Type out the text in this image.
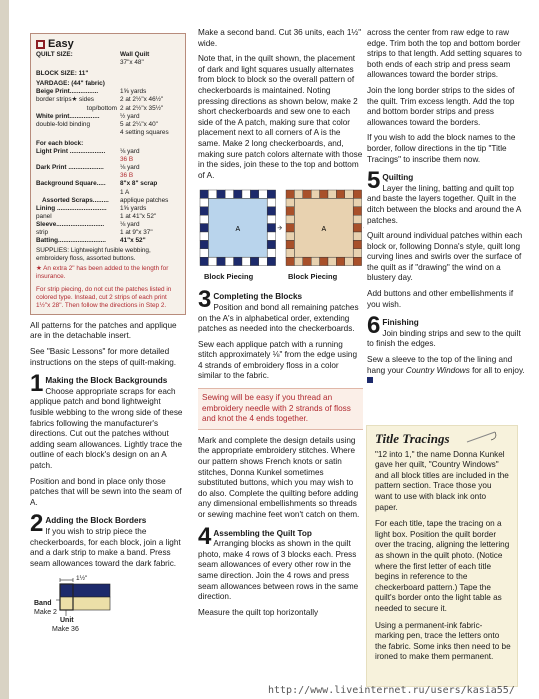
Easy
QUILT SIZE:	Wall Quilt
37"x 48"
BLOCK SIZE: 11"
YARDAGE: (44" fabric)
Beige Print................	1⅝ yards
border strips★ sides	2 at 2½"x 46½"
top/bottom 2 at 2½"x 35½"
White print.................	½ yard
double-fold binding	5 at 2¼"x 40"
4 setting squares
For each block:
Light Print ....................	⅛ yard
36 B
Dark Print ....................	⅛ yard
36 B
Background Square.....	8"x 8" scrap
1 A
Assorted Scraps.........	applique patches
Lining ............................	1⅝ yards
panel	1 at 41"x 52"
Sleeve...........................	⅛ yard
strip	1 at 9"x 37"
Batting...........................	41"x 52"
SUPPLIES: Lightweight fusible webbing, embroidery floss, assorted buttons.
★ An extra 2" has been added to the length for insurance.
For strip piecing, do not cut the patches listed in colored type. Instead, cut 2 strips of each print 1½"x 28". Then follow the directions in Step 2.

All patterns for the patches and applique are in the detachable insert.

See "Basic Lessons" for more detailed instructions on the steps of quilt-making.

1 Making the Block Backgrounds

Choose appropriate scraps for each applique patch and bond lightweight fusible webbing to the wrong side of these fabrics following the manufacturer's directions. Cut out the patches without adding seam allowances. Lightly trace the outline of each block's design on an A patch.

Position and bond in place only those patches that will be sewn into the seam of A.

2 Adding the Block Borders

If you wish to strip piece the checkerboards, for each block, join a light and a dark strip to make a band. Press seam allowances toward the dark fabric.

1½"
Band
Make 2
Unit
Make 36

Make a second band. Cut 36 units, each 1½" wide.

Note that, in the quilt shown, the placement of dark and light squares usually alternates from block to block so the overall pattern of checkerboards is maintained. Noting pressing directions as shown below, make 2 short checkerboards and sew one to each side of the A patch, making sure that color placement next to all corners of A is the same. Make 2 long checkerboards, and, making sure patch colors alternate with those in the sides, join these to the top and bottom of A.

A	A
Block Piecing	Block Piecing
3 Completing the Blocks

Position and bond all remaining patches on the A's in alphabetical order, extending patches as needed into the checkerboards.

Sew each applique patch with a running stitch approximately ⅛" from the edge using 4 strands of embroidery floss in a color similar to the fabric.

Sewing will be easy if you thread an embroidery needle with 2 strands of floss and knot the 4 ends together.

Mark and complete the design details using the appropriate embroidery stitches. Where our pattern shows French knots or satin stitches, Donna Kunkel sometimes substituted buttons, which you may wish to do also. Complete the quilting before adding any dimensional embellishments so threads or sewing machine feet won't catch on them.

4 Assembling the Quilt Top

Arranging blocks as shown in the quilt photo, make 4 rows of 3 blocks each. Press seam allowances of every other row in the same direction. Join the 4 rows and press seam allowances between rows in the same direction.

Measure the quilt top horizontally

across the center from raw edge to raw edge. Trim both the top and bottom border strips to that length. Add setting squares to both ends of each strip and press seam allowances toward the border strips.

Join the long border strips to the sides of the quilt. Trim excess length. Add the top and bottom border strips and press allowances toward the borders.

If you wish to add the block names to the border, follow directions in the tip "Title Tracings" to inscribe them now.

5 Quilting

Layer the lining, batting and quilt top and baste the layers together. Quilt in the ditch between the blocks and around the A patches.

Quilt around individual patches within each block or, following Donna's style, quilt long curving lines and swirls over the surface of the quilt as if "drawing" the wind on a blustery day.

Add buttons and other embellishments if you wish.

6 Finishing

Join binding strips and sew to the quilt to finish the edges.

Sew a sleeve to the top of the lining and hang your Country Windows for all to enjoy.

Title Tracings

"12 into 1," the name Donna Kunkel gave her quilt, "Country Windows" and all block titles are included in the pattern section. Trace those you want to use with black ink onto paper.

For each title, tape the tracing on a light box. Position the quilt border over the tracing, aligning the lettering as shown in the quilt photo. (Notice where the first letter of each title begins in reference to the checkerboard pattern.) Tape the quilt's border onto the light table as needed to secure it.

Using a permanent-ink fabric-marking pen, trace the letters onto the fabric. Some inks then need to be ironed to make them permanent.

http://www.liveinternet.ru/users/kasia55/
